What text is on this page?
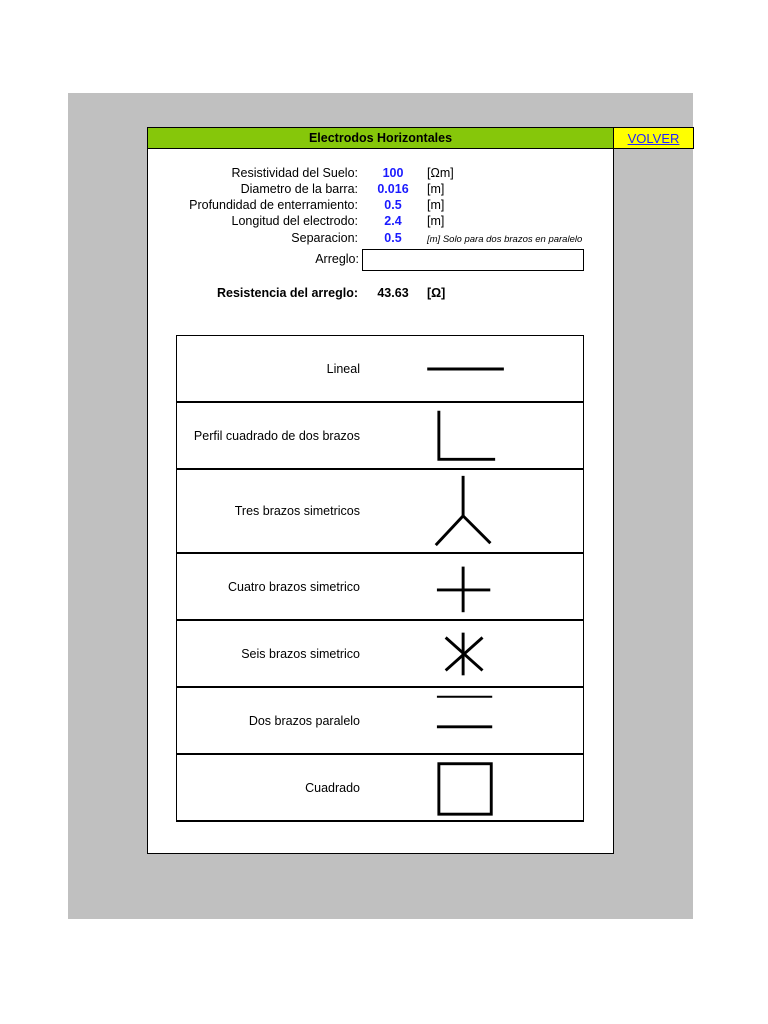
Electrodos Horizontales	VOLVER
Resistividad del Suelo:	100	[Ωm]
Diametro de la barra:	0.016	[m]
Profundidad de enterramiento:	0.5	[m]
Longitud del electrodo:	2.4	[m]
Separacion:	0.5	[m] Solo para dos brazos en paralelo
Arreglo:
Resistencia del arreglo:	43.63	[Ω]
Lineal
Perfil cuadrado de dos brazos
Tres brazos simetricos
Cuatro brazos simetrico
Seis brazos simetrico
Dos brazos paralelo
Cuadrado
